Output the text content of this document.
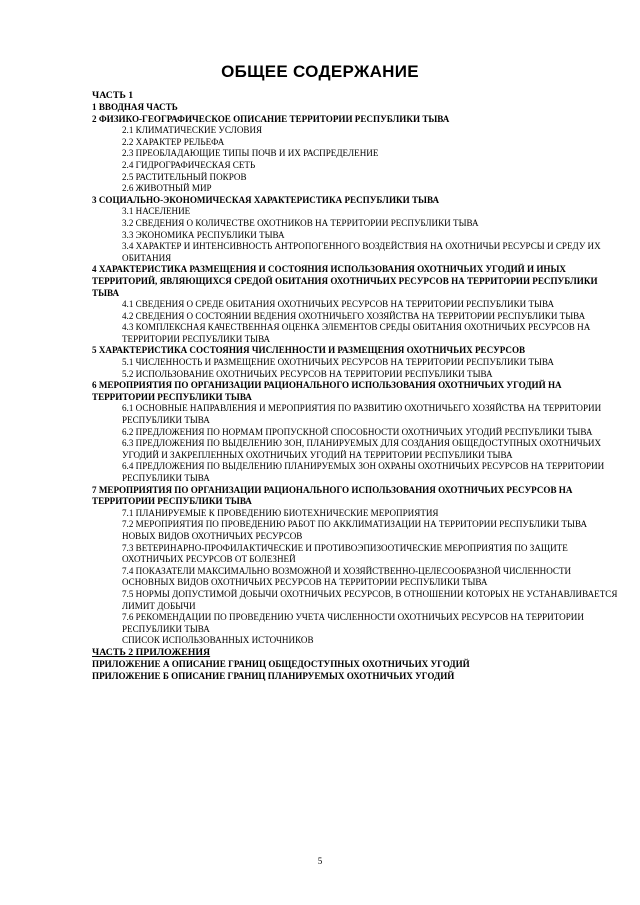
ОБЩЕЕ СОДЕРЖАНИЕ
ЧАСТЬ 1
1 ВВОДНАЯ ЧАСТЬ
2 ФИЗИКО-ГЕОГРАФИЧЕСКОЕ ОПИСАНИЕ ТЕРРИТОРИИ РЕСПУБЛИКИ ТЫВА
2.1 КЛИМАТИЧЕСКИЕ УСЛОВИЯ
2.2 ХАРАКТЕР РЕЛЬЕФА
2.3 ПРЕОБЛАДАЮЩИЕ ТИПЫ ПОЧВ И ИХ РАСПРЕДЕЛЕНИЕ
2.4 ГИДРОГРАФИЧЕСКАЯ СЕТЬ
2.5 РАСТИТЕЛЬНЫЙ ПОКРОВ
2.6 ЖИВОТНЫЙ МИР
3 СОЦИАЛЬНО-ЭКОНОМИЧЕСКАЯ ХАРАКТЕРИСТИКА РЕСПУБЛИКИ ТЫВА
3.1 НАСЕЛЕНИЕ
3.2 СВЕДЕНИЯ О КОЛИЧЕСТВЕ ОХОТНИКОВ НА ТЕРРИТОРИИ РЕСПУБЛИКИ ТЫВА
3.3 ЭКОНОМИКА РЕСПУБЛИКИ ТЫВА
3.4 ХАРАКТЕР И ИНТЕНСИВНОСТЬ АНТРОПОГЕННОГО ВОЗДЕЙСТВИЯ НА ОХОТНИЧЬИ РЕСУРСЫ И СРЕДУ ИХ ОБИТАНИЯ
4 ХАРАКТЕРИСТИКА РАЗМЕЩЕНИЯ И СОСТОЯНИЯ ИСПОЛЬЗОВАНИЯ ОХОТНИЧЬИХ УГОДИЙ И ИНЫХ ТЕРРИТОРИЙ, ЯВЛЯЮЩИХСЯ СРЕДОЙ ОБИТАНИЯ ОХОТНИЧЬИХ РЕСУРСОВ НА ТЕРРИТОРИИ РЕСПУБЛИКИ ТЫВА
4.1 СВЕДЕНИЯ О СРЕДЕ ОБИТАНИЯ ОХОТНИЧЬИХ РЕСУРСОВ НА ТЕРРИТОРИИ РЕСПУБЛИКИ ТЫВА
4.2 СВЕДЕНИЯ О СОСТОЯНИИ ВЕДЕНИЯ ОХОТНИЧЬЕГО ХОЗЯЙСТВА НА ТЕРРИТОРИИ РЕСПУБЛИКИ ТЫВА
4.3 КОМПЛЕКСНАЯ КАЧЕСТВЕННАЯ ОЦЕНКА ЭЛЕМЕНТОВ СРЕДЫ ОБИТАНИЯ ОХОТНИЧЬИХ РЕСУРСОВ НА ТЕРРИТОРИИ РЕСПУБЛИКИ ТЫВА
5 ХАРАКТЕРИСТИКА СОСТОЯНИЯ ЧИСЛЕННОСТИ И РАЗМЕЩЕНИЯ ОХОТНИЧЬИХ РЕСУРСОВ
5.1 ЧИСЛЕННОСТЬ И РАЗМЕЩЕНИЕ ОХОТНИЧЬИХ РЕСУРСОВ НА ТЕРРИТОРИИ РЕСПУБЛИКИ ТЫВА
5.2 ИСПОЛЬЗОВАНИЕ ОХОТНИЧЬИХ РЕСУРСОВ НА ТЕРРИТОРИИ РЕСПУБЛИКИ ТЫВА
6 МЕРОПРИЯТИЯ ПО ОРГАНИЗАЦИИ РАЦИОНАЛЬНОГО ИСПОЛЬЗОВАНИЯ ОХОТНИЧЬИХ УГОДИЙ НА ТЕРРИТОРИИ РЕСПУБЛИКИ ТЫВА
6.1 ОСНОВНЫЕ НАПРАВЛЕНИЯ И МЕРОПРИЯТИЯ ПО РАЗВИТИЮ ОХОТНИЧЬЕГО ХОЗЯЙСТВА НА ТЕРРИТОРИИ РЕСПУБЛИКИ ТЫВА
6.2 ПРЕДЛОЖЕНИЯ ПО НОРМАМ ПРОПУСКНОЙ СПОСОБНОСТИ ОХОТНИЧЬИХ УГОДИЙ РЕСПУБЛИКИ ТЫВА
6.3 ПРЕДЛОЖЕНИЯ ПО ВЫДЕЛЕНИЮ ЗОН, ПЛАНИРУЕМЫХ ДЛЯ СОЗДАНИЯ ОБЩЕДОСТУПНЫХ ОХОТНИЧЬИХ УГОДИЙ И ЗАКРЕПЛЕННЫХ ОХОТНИЧЬИХ УГОДИЙ НА ТЕРРИТОРИИ РЕСПУБЛИКИ ТЫВА
6.4 ПРЕДЛОЖЕНИЯ ПО ВЫДЕЛЕНИЮ ПЛАНИРУЕМЫХ ЗОН ОХРАНЫ ОХОТНИЧЬИХ РЕСУРСОВ НА ТЕРРИТОРИИ РЕСПУБЛИКИ ТЫВА
7 МЕРОПРИЯТИЯ ПО ОРГАНИЗАЦИИ РАЦИОНАЛЬНОГО ИСПОЛЬЗОВАНИЯ ОХОТНИЧЬИХ РЕСУРСОВ НА ТЕРРИТОРИИ РЕСПУБЛИКИ ТЫВА
7.1 ПЛАНИРУЕМЫЕ К ПРОВЕДЕНИЮ БИОТЕХНИЧЕСКИЕ МЕРОПРИЯТИЯ
7.2 МЕРОПРИЯТИЯ ПО ПРОВЕДЕНИЮ РАБОТ ПО АККЛИМАТИЗАЦИИ НА ТЕРРИТОРИИ РЕСПУБЛИКИ ТЫВА НОВЫХ ВИДОВ ОХОТНИЧЬИХ РЕСУРСОВ
7.3 ВЕТЕРИНАРНО-ПРОФИЛАКТИЧЕСКИЕ И ПРОТИВОЭПИЗООТИЧЕСКИЕ МЕРОПРИЯТИЯ ПО ЗАЩИТЕ ОХОТНИЧЬИХ РЕСУРСОВ ОТ БОЛЕЗНЕЙ
7.4 ПОКАЗАТЕЛИ МАКСИМАЛЬНО ВОЗМОЖНОЙ И ХОЗЯЙСТВЕННО-ЦЕЛЕСООБРАЗНОЙ ЧИСЛЕННОСТИ ОСНОВНЫХ ВИДОВ ОХОТНИЧЬИХ РЕСУРСОВ НА ТЕРРИТОРИИ РЕСПУБЛИКИ ТЫВА
7.5 НОРМЫ ДОПУСТИМОЙ ДОБЫЧИ ОХОТНИЧЬИХ РЕСУРСОВ, В ОТНОШЕНИИ КОТОРЫХ НЕ УСТАНАВЛИВАЕТСЯ ЛИМИТ ДОБЫЧИ
7.6 РЕКОМЕНДАЦИИ ПО ПРОВЕДЕНИЮ УЧЕТА ЧИСЛЕННОСТИ ОХОТНИЧЬИХ РЕСУРСОВ НА ТЕРРИТОРИИ РЕСПУБЛИКИ ТЫВА
СПИСОК ИСПОЛЬЗОВАННЫХ ИСТОЧНИКОВ
ЧАСТЬ 2 ПРИЛОЖЕНИЯ
ПРИЛОЖЕНИЕ А ОПИСАНИЕ ГРАНИЦ ОБЩЕДОСТУПНЫХ ОХОТНИЧЬИХ УГОДИЙ
ПРИЛОЖЕНИЕ Б ОПИСАНИЕ ГРАНИЦ ПЛАНИРУЕМЫХ ОХОТНИЧЬИХ УГОДИЙ
5
